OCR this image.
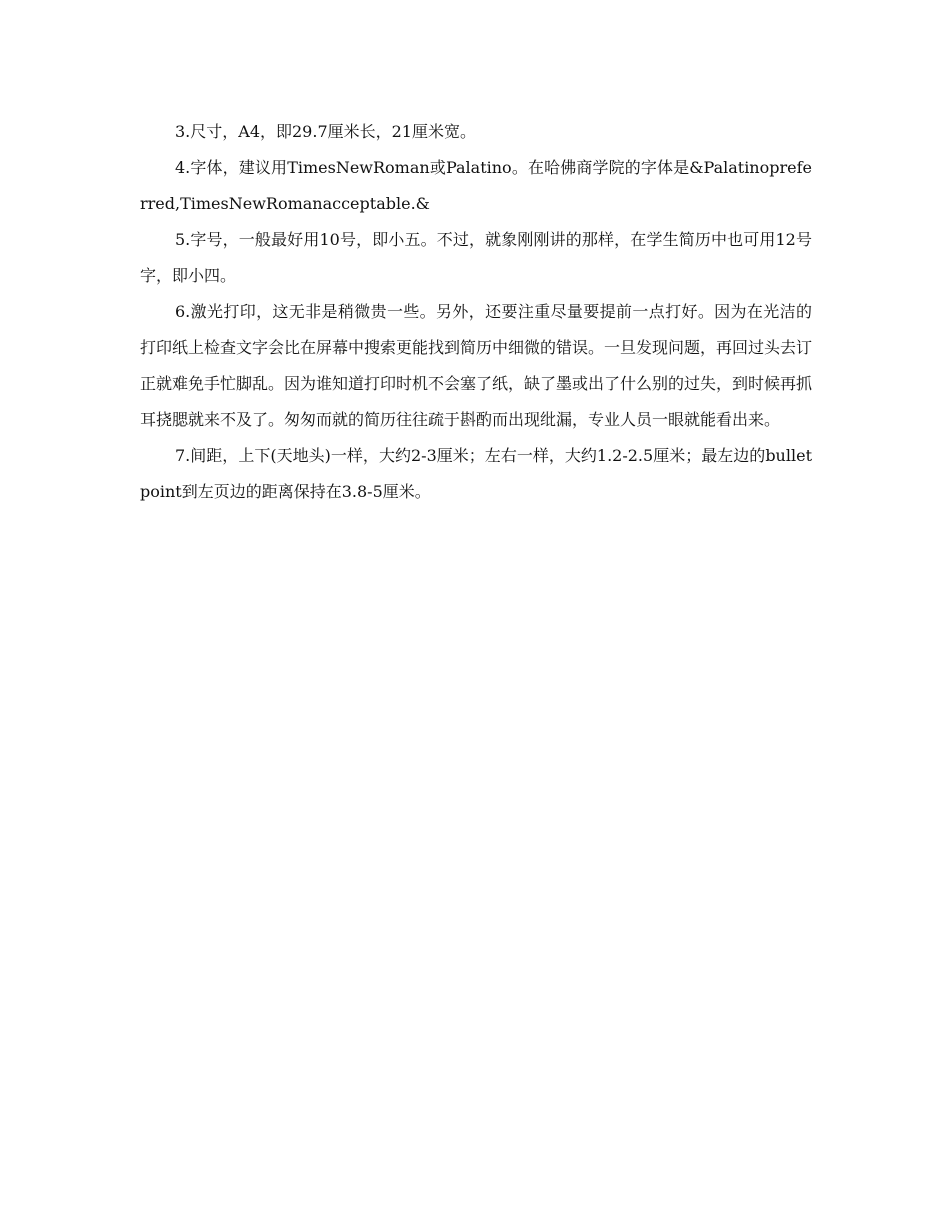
3.尺寸，A4，即29.7厘米长，21厘米宽。

4.字体，建议用TimesNewRoman或Palatino。在哈佛商学院的字体是&Palatinopreferred,TimesNewRomanacceptable.&

5.字号，一般最好用10号，即小五。不过，就象刚刚讲的那样，在学生简历中也可用12号字，即小四。

6.激光打印，这无非是稍微贵一些。另外，还要注重尽量要提前一点打好。因为在光洁的打印纸上检查文字会比在屏幕中搜索更能找到简历中细微的错误。一旦发现问题，再回过头去订正就难免手忙脚乱。因为谁知道打印时机不会塞了纸，缺了墨或出了什么别的过失，到时候再抓耳挠腮就来不及了。匆匆而就的简历往往疏于斟酌而出现纰漏，专业人员一眼就能看出来。

7.间距，上下(天地头)一样，大约2-3厘米；左右一样，大约1.2-2.5厘米；最左边的bulletpoint到左页边的距离保持在3.8-5厘米。
